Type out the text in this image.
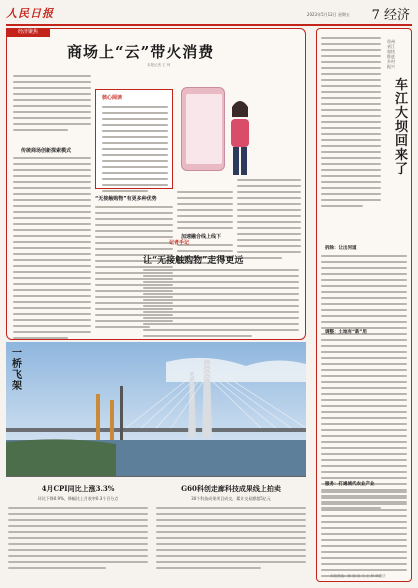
人民日报	2023年5月12日 星期五 7 经济
商场上“云”带火消费
本报记者 王 珂
传统商场创新探索模式
核心阅读
“无接触购物”有更多种优势
加速融合线上线下
记者手记
让“无接触购物”走得更远
经济聚焦
一桥飞架
4月CPI同比上涨3.3%
环比下降0.9%，降幅比上月收窄0.3个百分点
G60科创走廊科技成果线上拍卖
30个科技成果项目成交，累计交易额超5亿元
贵州省江加快推进乡村振兴
车江大坝回来了
拆除：让出河道
调整：土地有“新”用
服务：打通城代农业产业
本版责编：林 丽 谈 力 王 钟 林德庆
